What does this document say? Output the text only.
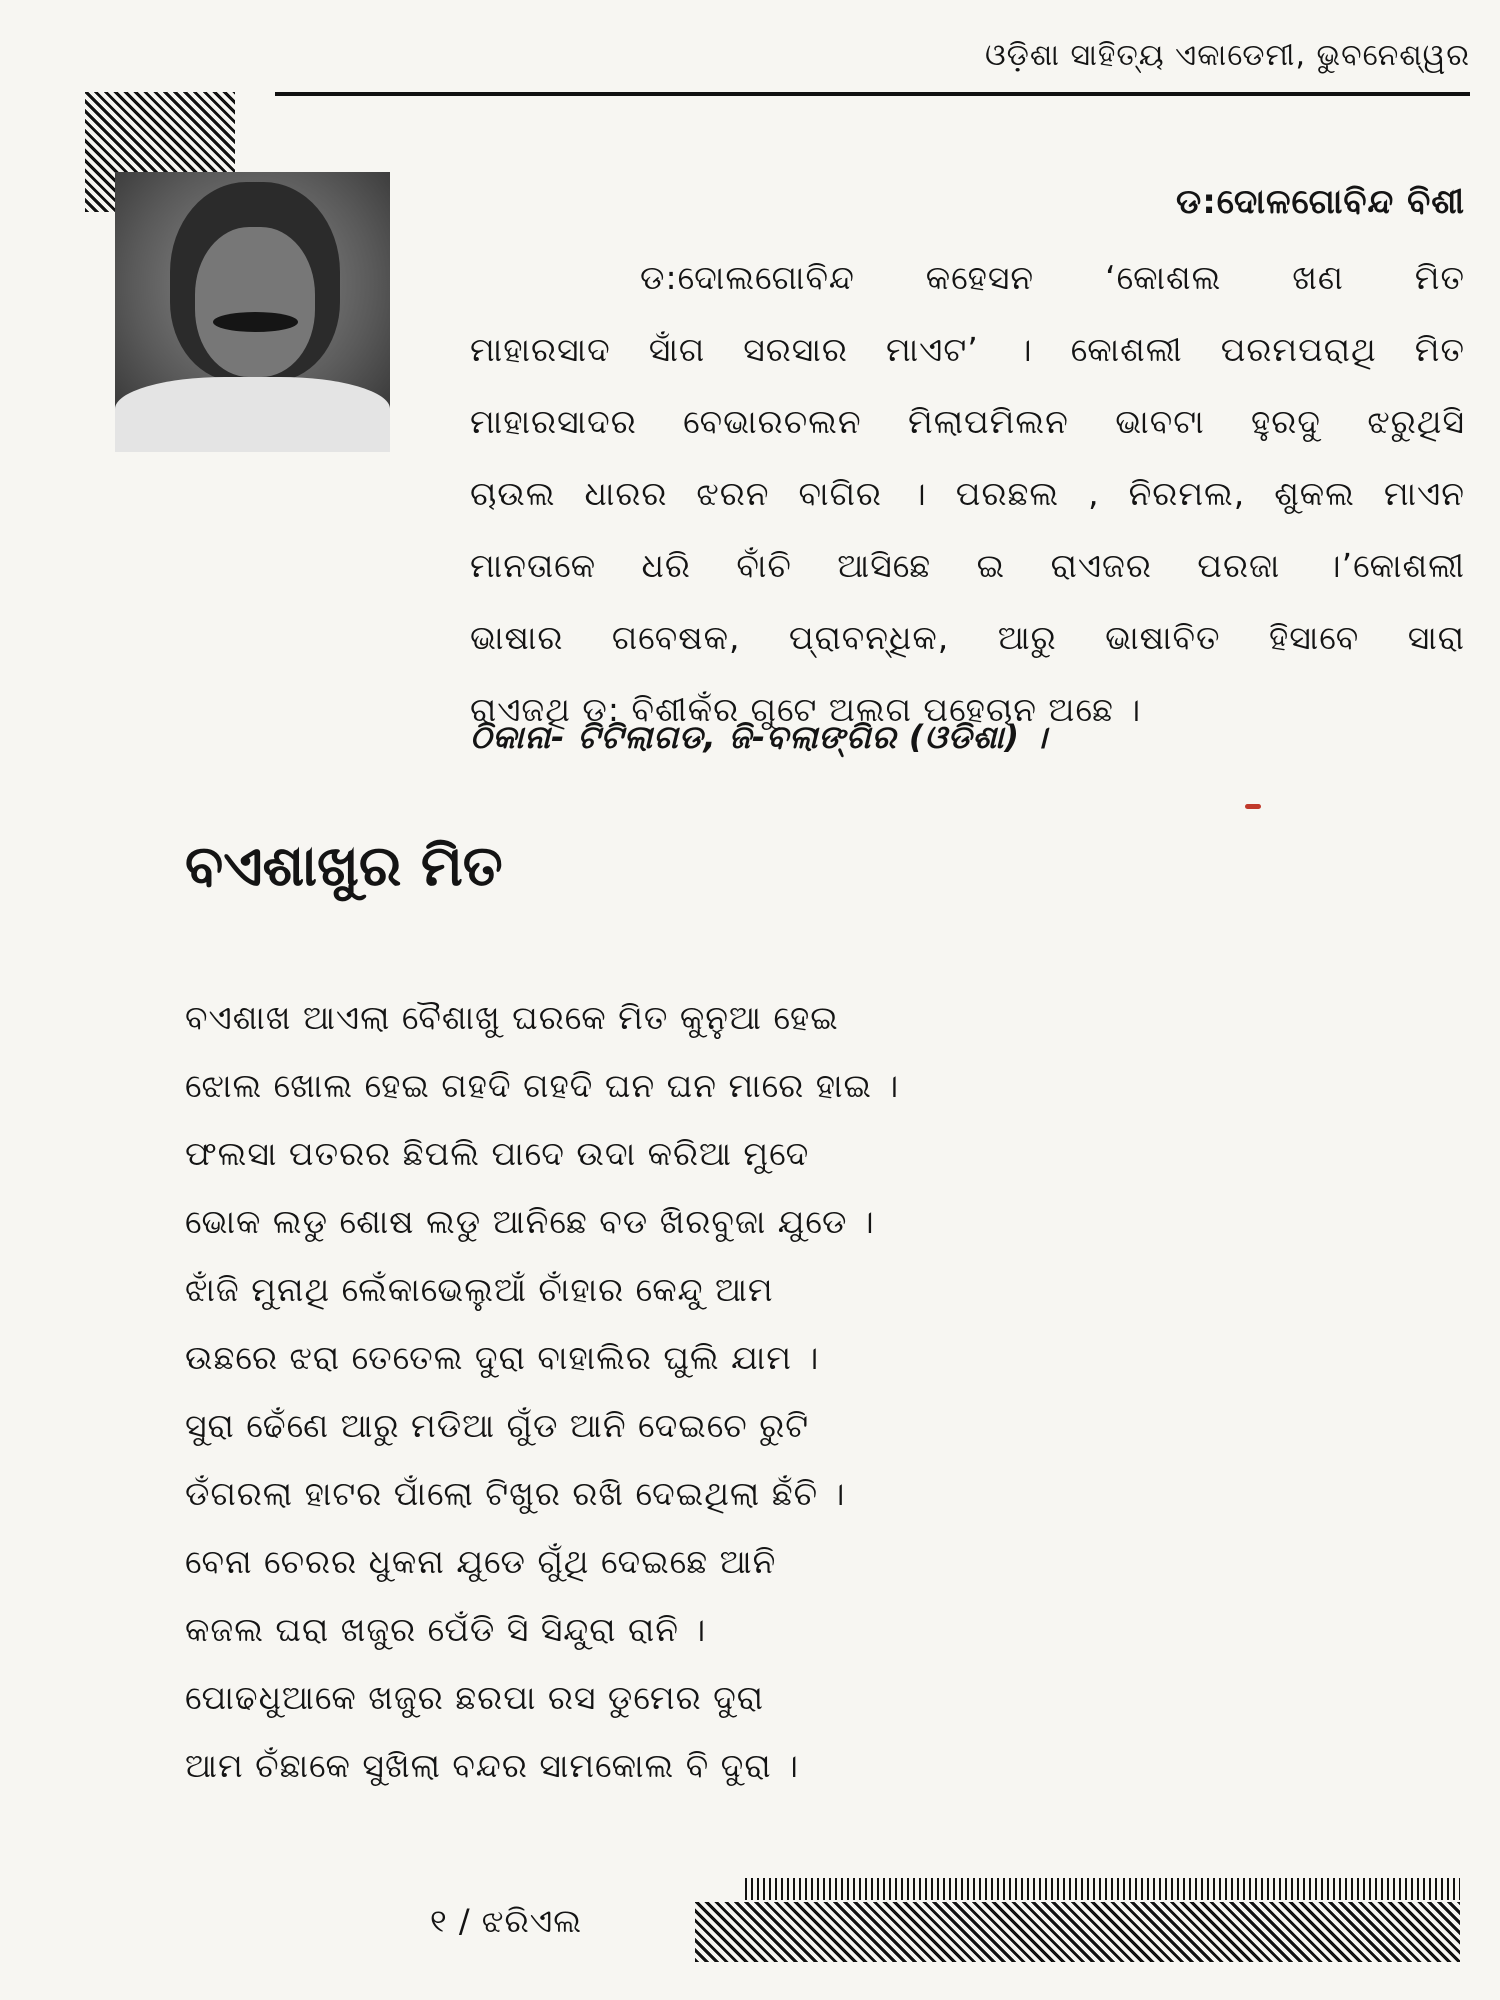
ଓଡ଼ିଶା ସାହିତ୍ୟ ଏକାଡେମୀ, ଭୁବନେଶ୍ୱର
ଡ:ଦୋଳଗୋବିନ୍ଦ ବିଶୀ
ଡ:ଦୋଲଗୋବିନ୍ଦ କହେସନ ‘କୋଶଲ ଖଣ ମିତ
ମାହାରସାଦ ସାଁଗ ସରସାର ମାଏଟ’ । କୋଶଲୀ ପରମପରାଥି ମିତ
ମାହାରସାଦର ବେଭାରଚଲନ ମିଲାପମିଲନ ଭାବଟା ହୁରଦୁ ଝରୁଥିସି
ଚାଉଲ ଧାରର ଝରନ ବାଗିର । ପରଛଲ , ନିରମଲ, ଶୁକଲ ମାଏନ
ମାନତାକେ ଧରି ବାଁଚି ଆସିଛେ ଇ ରାଏଜର ପରଜା ।’କୋଶଲୀ
ଭାଷାର ଗବେଷକ, ପ୍ରାବନ୍ଧିକ, ଆରୁ ଭାଷାବିତ ହିସାବେ ସାରା
ରାଏଜଥି ଡ: ବିଶୀକଁର ଗୁଟେ ଅଲଗ ପହେଚାନ ଅଛେ ।
ଠିକାନା- ଟିଟିଲାଗଡ, ଜି-ବଲାଙ୍ଗିର (ଓଡିଶା) ।
ବଏଶାଖୁର ମିତ
ବଏଶାଖ ଆଏଲା ବୈଶାଖୁ ଘରକେ ମିତ କୁନୁଆ ହେଇ
ଝୋଲ ଖୋଲ ହେଇ ଗହଦି ଗହଦି ଘନ ଘନ ମାରେ ହାଇ ।
ଫଲସା ପତରର ଛିପଲି ପାଦେ ଉଦା କରିଆ ମୁଦେ
ଭୋକ ଲଡୁ ଶୋଷ ଲଡୁ ଆନିଛେ ବଡ ଖିରବୁଜା ଯୁଡେ ।
ଝାଁଜି ମୁନାଥି ଲେଁକାଭେଲୁଆଁ ଚାଁହାର କେନ୍ଦୁ ଆମ
ଉଛରେ ଝରା ତେତେଲ ଦୁରା ବାହାଲିର ଘୁଲି ଯାମ ।
ସୁରା ଢେଁଣେ ଆରୁ ମଡିଆ ଗୁଁଡ ଆନି ଦେଇଚେ ରୁଟି
ଡଁଗରଲା ହାଟର ପାଁଲୋ ଟିଖୁର ରଖି ଦେଇଥିଲା ଛଁଚି ।
ବେନା ଚେରର ଧୁକନା ଯୁଡେ ଗୁଁଥି ଦେଇଛେ ଆନି
କଜଲ ଘରା ଖଜୁର ପେଁଡି ସି ସିନ୍ଦୁରା ରାନି ।
ପୋଢଧୁଆକେ ଖଜୁର ଛରପା ରସ ଡୁମେର ଦୁରା
ଆମ ଚଁଛାକେ ସୁଖିଲା ବନ୍ଦର ସାମକୋଲ ବି ଦୁରା ।
୧ / ଝରିଏଲ
